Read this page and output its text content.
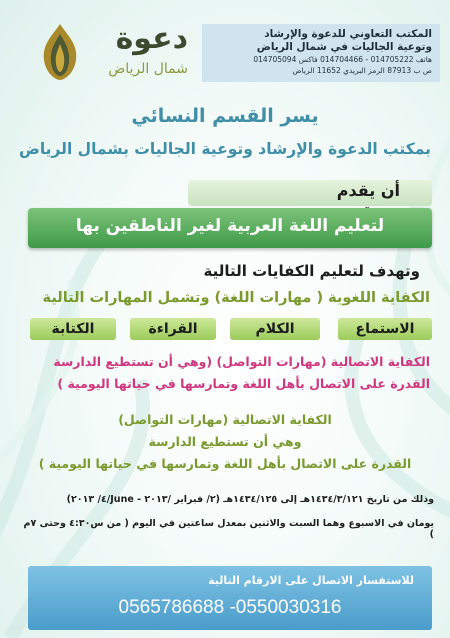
دعوة
شمال الرياض
المكتب التعاوني للدعوة والإرشاد
وتوعية الجاليات في شمال الرياض
هاتف 014705222 - 014704466 فاكس 014705094
ص ب 87913 الرمز البريدي 11652 الرياض
يسر القسم النسائي
بمكتب الدعوة والإرشاد وتوعية الجاليات بشمال الرياض
أن يقدم
لتعليم اللغة العربية لغير الناطقين بها
وتهدف لتعليم الكفايات التالية
الكفاية اللغوية ( مهارات اللغة) وتشمل المهارات التالية
الاستماع
الكلام
القراءة
الكتابة
الكفاية الاتصالية (مهارات التواصل) (وهي أن تستطيع الدارسة
القدرة على الاتصال بأهل اللغة وتمارسها في حياتها اليومية )
الكفاية الاتصالية (مهارات التواصل)
وهي أن تستطيع الدارسة
القدرة على الاتصال بأهل اللغة وتمارسها في حياتها اليومية )
وذلك من تاريخ ١٤٣٤/٣/١٢١هـ إلى ١٤٣٤/١٢٥هـ (٢/ فبراير /٢٠١٣ - June/٤/ ٢٠١٣)
يومان في الاسبوع وهما السبت والاثنين بمعدل ساعتين في اليوم ( من س٤:٣٠ وحتى ٧م )
للاستفسار الاتصال على الارقام التالية
0565786688 -0550030316
